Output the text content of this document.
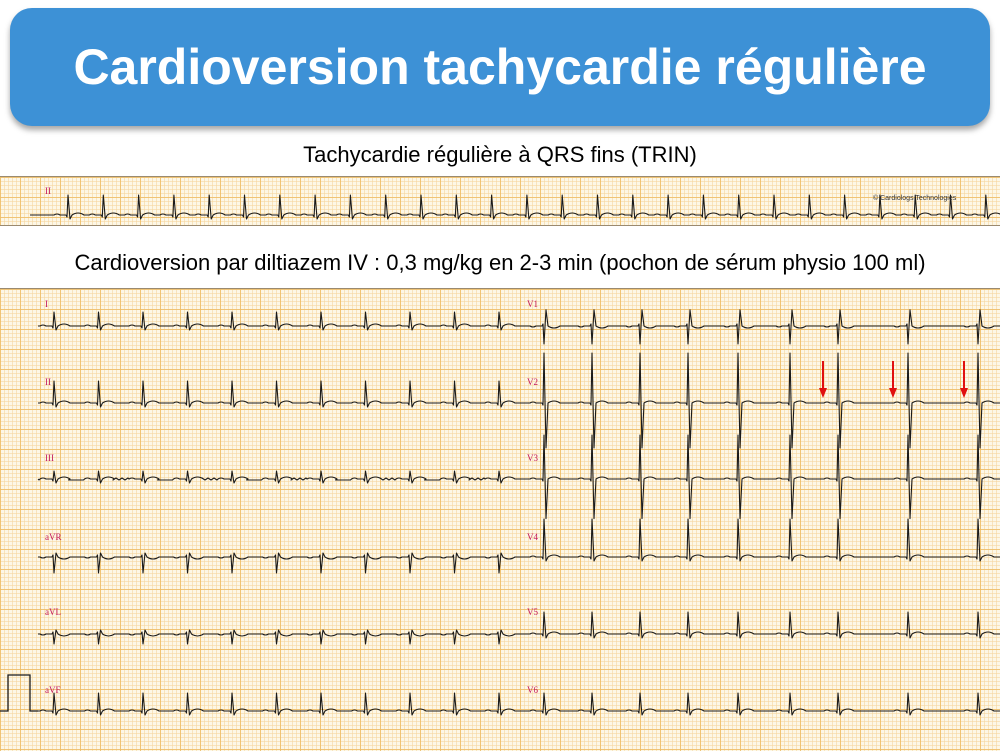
Cardioversion tachycardie régulière
Tachycardie régulière à QRS fins (TRIN)
II
© Cardiologs Technologies
Cardioversion par diltiazem IV : 0,3 mg/kg en 2-3 min (pochon de sérum physio 100 ml)
I
II
III
aVR
aVL
aVF
V1
V2
V3
V4
V5
V6
